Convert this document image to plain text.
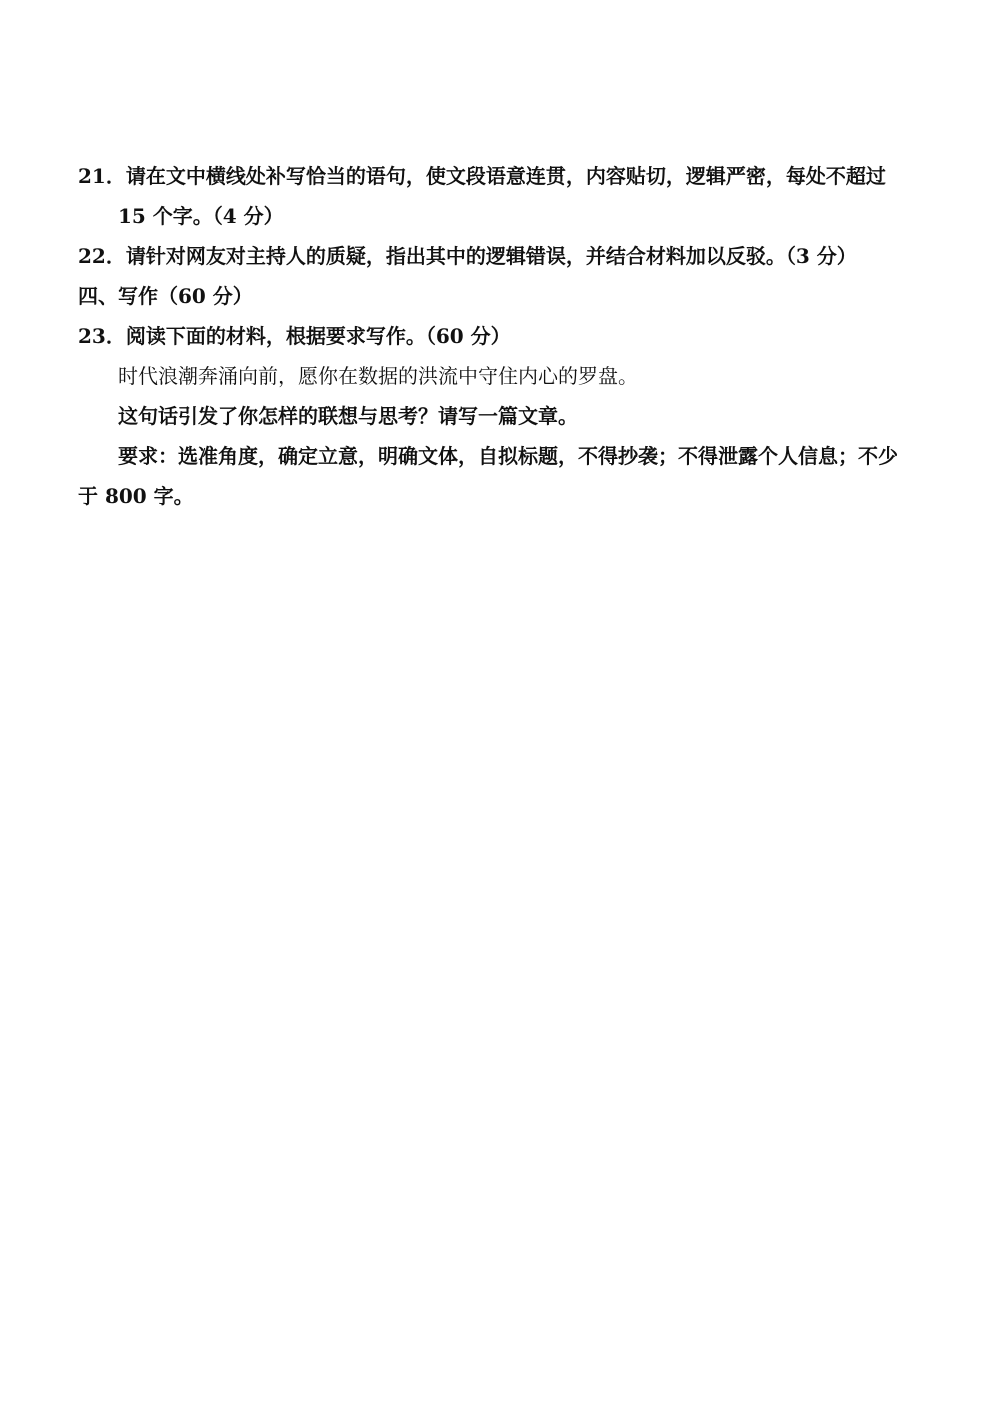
21．请在文中横线处补写恰当的语句，使文段语意连贯，内容贴切，逻辑严密，每处不超过
15 个字。（4 分）
22．请针对网友对主持人的质疑，指出其中的逻辑错误，并结合材料加以反驳。（3 分）
四、写作（60 分）
23．阅读下面的材料，根据要求写作。（60 分）
时代浪潮奔涌向前，愿你在数据的洪流中守住内心的罗盘。
这句话引发了你怎样的联想与思考？请写一篇文章。
要求：选准角度，确定立意，明确文体，自拟标题，不得抄袭；不得泄露个人信息；不少
于 800 字。
